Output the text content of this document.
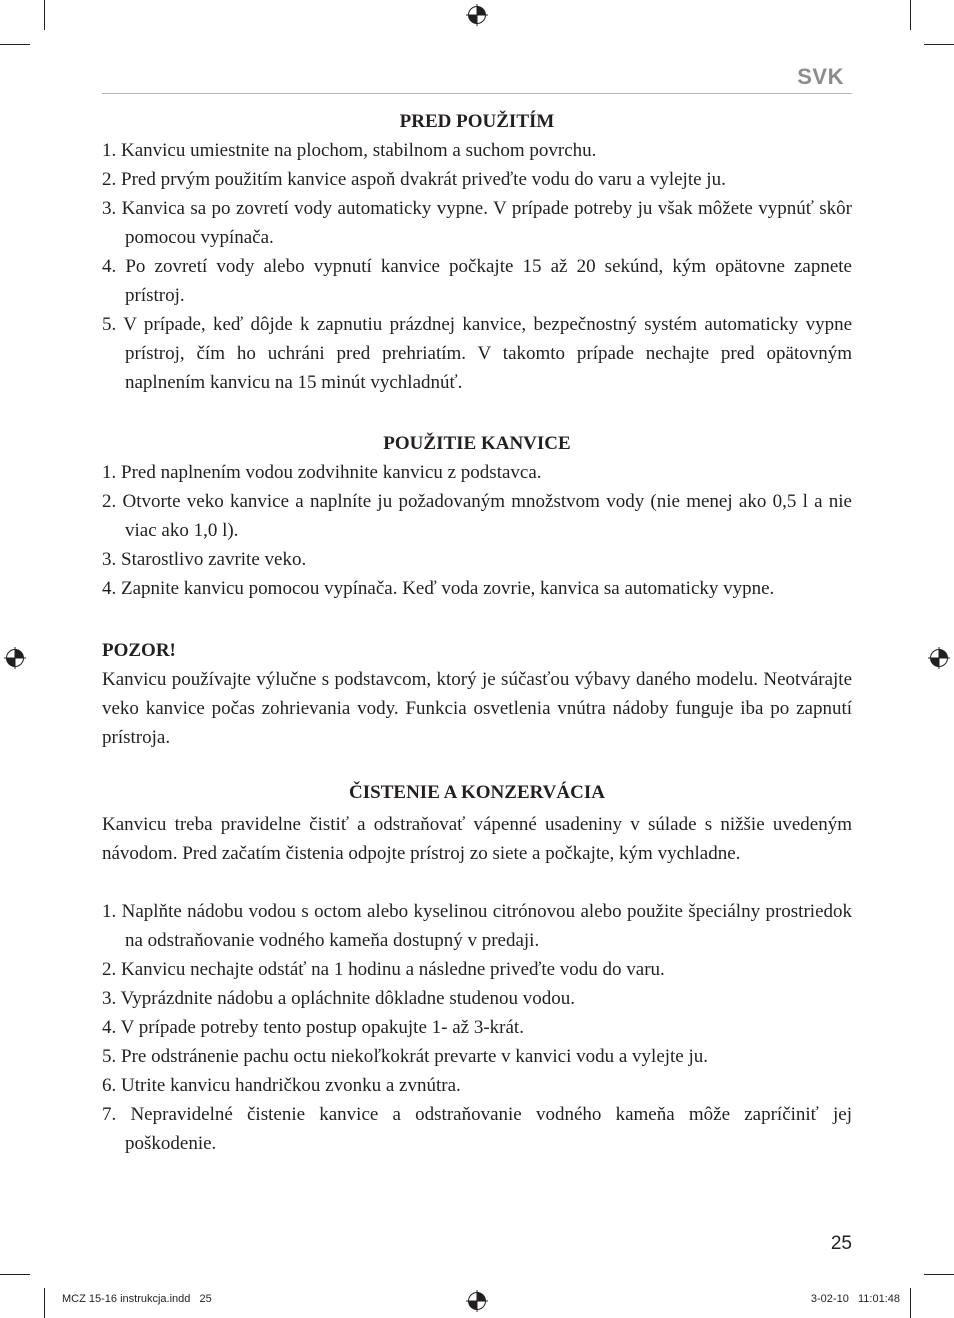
SVK
PRED POUŽITÍM
1. Kanvicu umiestnite na plochom, stabilnom a suchom povrchu.
2. Pred prvým použitím kanvice aspoň dvakrát priveďte vodu do varu a vylejte ju.
3. Kanvica sa po zovretí vody automaticky vypne. V prípade potreby ju však môžete vypnúť skôr pomocou vypínača.
4. Po zovretí vody alebo vypnutí kanvice počkajte 15 až 20 sekúnd, kým opätovne zapnete prístroj.
5. V prípade, keď dôjde k zapnutiu prázdnej kanvice, bezpečnostný systém automaticky vypne prístroj, čím ho uchráni pred prehriatím. V takomto prípade nechajte pred opätovným naplnením kanvicu na 15 minút vychladnúť.
POUŽITIE KANVICE
1. Pred naplnením vodou zodvihnite kanvicu z podstavca.
2. Otvorte veko kanvice a naplníte ju požadovaným množstvom vody (nie menej ako 0,5 l a nie viac ako 1,0 l).
3. Starostlivo zavrite veko.
4. Zapnite kanvicu pomocou vypínača. Keď voda zovrie, kanvica sa automaticky vypne.
POZOR!

Kanvicu používajte výlučne s podstavcom, ktorý je súčasťou výbavy daného modelu. Neotvárajte veko kanvice počas zohrievania vody. Funkcia osvetlenia vnútra nádoby funguje iba po zapnutí prístroja.

ČISTENIE A KONZERVÁCIA

Kanvicu treba pravidelne čistiť a odstraňovať vápenné usadeniny v súlade s nižšie uvedeným návodom. Pred začatím čistenia odpojte prístroj zo siete a počkajte, kým vychladne.

1. Naplňte nádobu vodou s octom alebo kyselinou citrónovou alebo použite špeciálny prostriedok na odstraňovanie vodného kameňa dostupný v predaji.
2. Kanvicu nechajte odstáť na 1 hodinu a následne priveďte vodu do varu.
3. Vyprázdnite nádobu a opláchnite dôkladne studenou vodou.
4. V prípade potreby tento postup opakujte 1- až 3-krát.
5. Pre odstránenie pachu octu niekoľkokrát prevarte v kanvici vodu a vylejte ju.
6. Utrite kanvicu handričkou zvonku a zvnútra.
7. Nepravidelné čistenie kanvice a odstraňovanie vodného kameňa môže zapríčiniť jej poškodenie.
25
MCZ 15-16 instrukcja.indd   25	3-02-10   11:01:48
